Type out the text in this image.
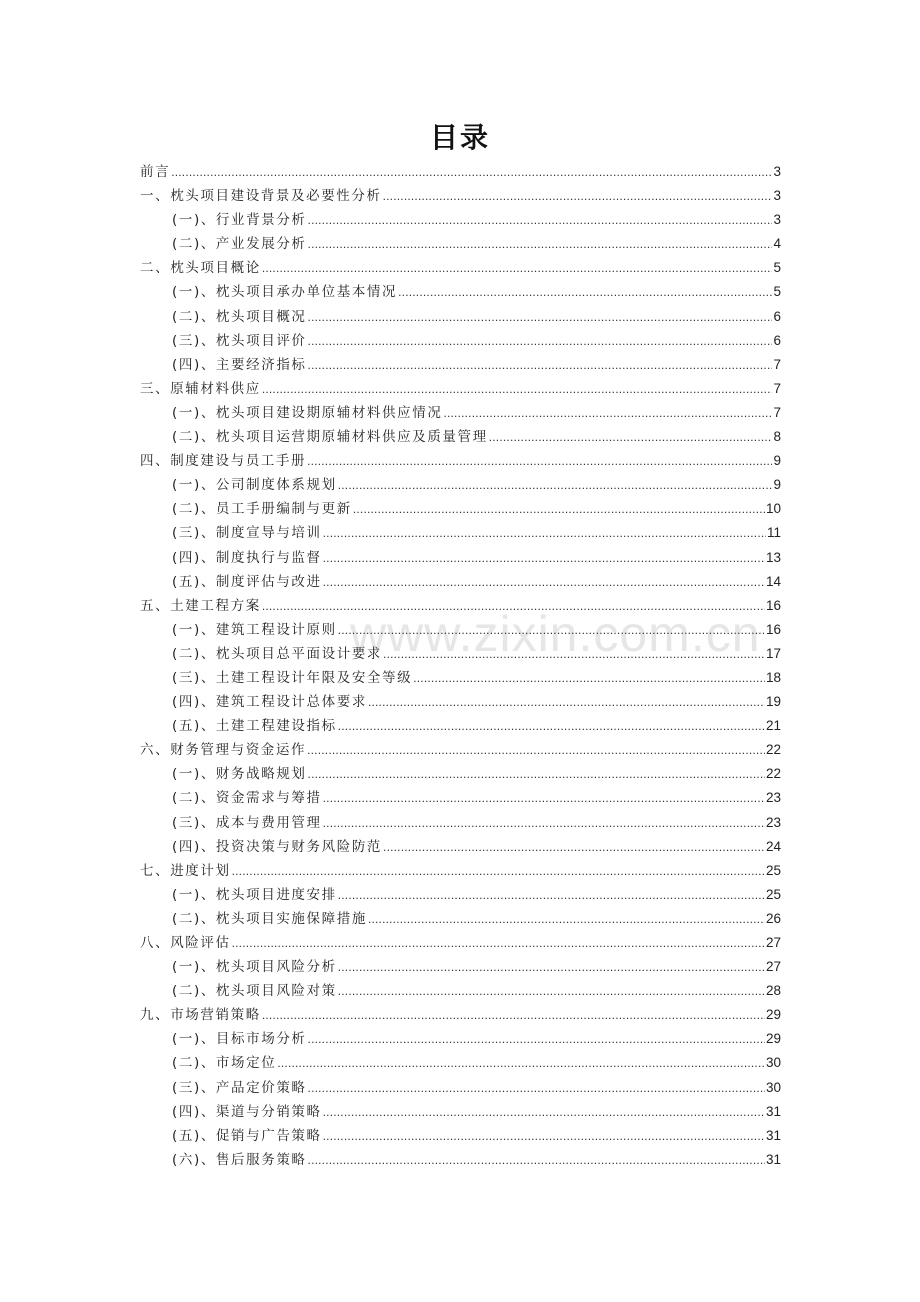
目录
www.zixin.com.cn
前言 .....	3
一、枕头项目建设背景及必要性分析 .....	3
(一)、行业背景分析 .....	3
(二)、产业发展分析 .....	4
二、枕头项目概论 .....	5
(一)、枕头项目承办单位基本情况 .....	5
(二)、枕头项目概况 .....	6
(三)、枕头项目评价 .....	6
(四)、主要经济指标 .....	7
三、原辅材料供应 .....	7
(一)、枕头项目建设期原辅材料供应情况 .....	7
(二)、枕头项目运营期原辅材料供应及质量管理 .....	8
四、制度建设与员工手册 .....	9
(一)、公司制度体系规划 .....	9
(二)、员工手册编制与更新 .....	10
(三)、制度宣导与培训 .....	11
(四)、制度执行与监督 .....	13
(五)、制度评估与改进 .....	14
五、土建工程方案 .....	16
(一)、建筑工程设计原则 .....	16
(二)、枕头项目总平面设计要求 .....	17
(三)、土建工程设计年限及安全等级 .....	18
(四)、建筑工程设计总体要求 .....	19
(五)、土建工程建设指标 .....	21
六、财务管理与资金运作 .....	22
(一)、财务战略规划 .....	22
(二)、资金需求与筹措 .....	23
(三)、成本与费用管理 .....	23
(四)、投资决策与财务风险防范 .....	24
七、进度计划 .....	25
(一)、枕头项目进度安排 .....	25
(二)、枕头项目实施保障措施 .....	26
八、风险评估 .....	27
(一)、枕头项目风险分析 .....	27
(二)、枕头项目风险对策 .....	28
九、市场营销策略 .....	29
(一)、目标市场分析 .....	29
(二)、市场定位 .....	30
(三)、产品定价策略 .....	30
(四)、渠道与分销策略 .....	31
(五)、促销与广告策略 .....	31
(六)、售后服务策略 .....	31
